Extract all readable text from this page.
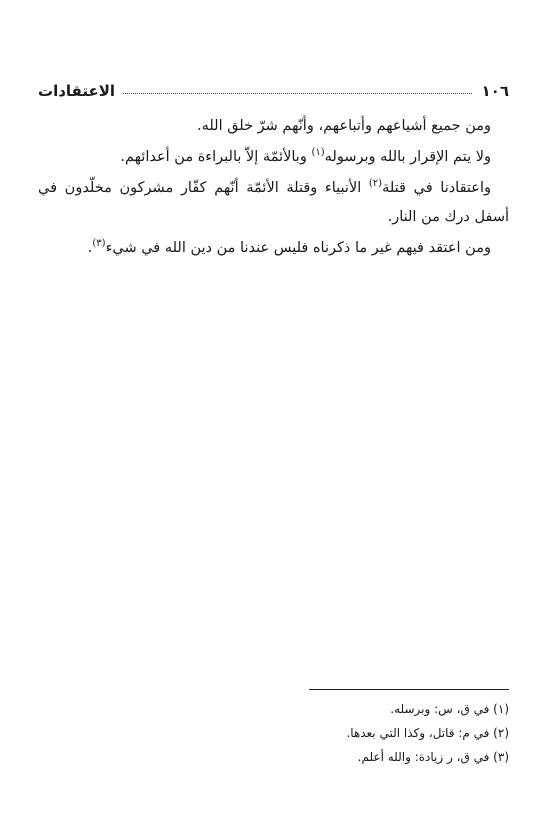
١٠٦
الاعتقادات

ومن جميع أشياعهم وأتباعهم، وأنّهم شرّ خلق الله.

ولا يتم الإقرار بالله وبرسوله$^{(١)}$ وبالأئمّة إلاّ بالبراءة من أعدائهم.

واعتقادنا في قتلة$^{(٢)}$ الأنبياء وقتلة الأئمّة أنّهم كفّار مشركون مخلّدون في أسفل درك من النار.

ومن اعتقد فيهم غير ما ذكرناه فليس عندنا من دين الله في شيء$^{(٣)}$.

(١) في ق، س: وبرسله.
(٢) في م: قاتل، وكذا التي بعدها.
(٣) في ق، ر زيادة: والله أعلم.
